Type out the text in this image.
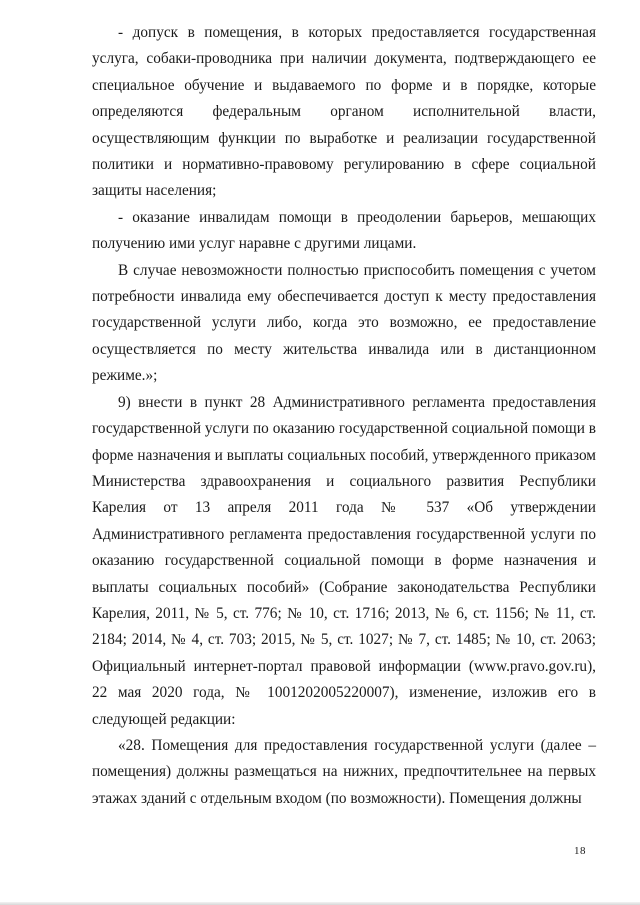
- допуск в помещения, в которых предоставляется государственная услуга, собаки-проводника при наличии документа, подтверждающего ее специальное обучение и выдаваемого по форме и в порядке, которые определяются федеральным органом исполнительной власти, осуществляющим функции по выработке и реализации государственной политики и нормативно-правовому регулированию в сфере социальной защиты населения;

- оказание инвалидам помощи в преодолении барьеров, мешающих получению ими услуг наравне с другими лицами.

В случае невозможности полностью приспособить помещения с учетом потребности инвалида ему обеспечивается доступ к месту предоставления государственной услуги либо, когда это возможно, ее предоставление осуществляется по месту жительства инвалида или в дистанционном режиме.»;

9) внести в пункт 28 Административного регламента предоставления государственной услуги по оказанию государственной социальной помощи в форме назначения и выплаты социальных пособий, утвержденного приказом Министерства здравоохранения и социального развития Республики Карелия от 13 апреля 2011 года № 537 «Об утверждении Административного регламента предоставления государственной услуги по оказанию государственной социальной помощи в форме назначения и выплаты социальных пособий» (Собрание законодательства Республики Карелия, 2011, № 5, ст. 776; № 10, ст. 1716; 2013, № 6, ст. 1156; № 11, ст. 2184; 2014, № 4, ст. 703; 2015, № 5, ст. 1027; № 7, ст. 1485; № 10, ст. 2063; Официальный интернет-портал правовой информации (www.pravo.gov.ru), 22 мая 2020 года, № 1001202005220007), изменение, изложив его в следующей редакции:

«28. Помещения для предоставления государственной услуги (далее – помещения) должны размещаться на нижних, предпочтительнее на первых этажах зданий с отдельным входом (по возможности). Помещения должны

18
